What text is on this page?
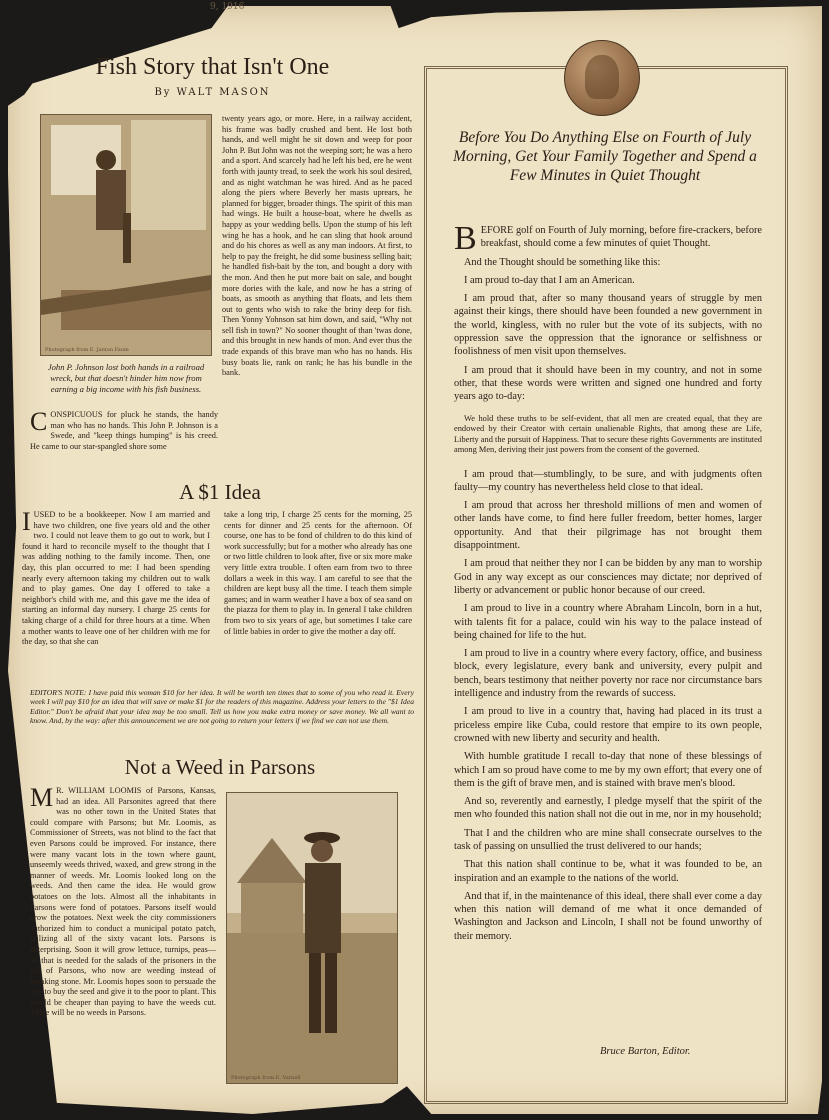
9, 1916
Fish Story that Isn't One
By WALT MASON
Photograph from E. Janton Faum
John P. Johnson lost both hands in a railroad wreck, but that doesn't hinder him now from earning a big income with his fish business.
twenty years ago, or more. Here, in a railway accident, his frame was badly crushed and bent. He lost both hands, and well might he sit down and weep for poor John P. But John was not the weeping sort; he was a hero and a sport. And scarcely had he left his bed, ere he went forth with jaunty tread, to seek the work his soul desired, and as night watchman he was hired. And as he paced along the piers where Beverly her masts uprears, he planned for bigger, broader things. The spirit of this man had wings. He built a house-boat, where he dwells as happy as your wedding bells. Upon the stump of his left wing he has a hook, and he can sling that hook around and do his chores as well as any man indoors. At first, to help to pay the freight, he did some business selling bait; he handled fish-bait by the ton, and bought a dory with the mon. And then he put more bait on sale, and bought more dories with the kale, and now he has a string of boats, as smooth as anything that floats, and lets them out to gents who wish to rake the briny deep for fish. Then Yonny Yohnson sat him down, and said, "Why not sell fish in town?" No sooner thought of than 'twas done, and this brought in new hands of mon. And ever thus the trade expands of this brave man who has no hands. His busy boats lie, rank on rank; he has his bundle in the bank.
C ONSPICUOUS for pluck he stands, the handy man who has no hands. This John P. Johnson is a Swede, and "keep things humping" is his creed. He came to our star-spangled shore some
A $1 Idea
I USED to be a bookkeeper. Now I am married and have two children, one five years old and the other two. I could not leave them to go out to work, but I found it hard to reconcile myself to the thought that I was adding nothing to the family income. Then, one day, this plan occurred to me: I had been spending nearly every afternoon taking my children out to walk and to play games. One day I offered to take a neighbor's child with me, and this gave me the idea of starting an informal day nursery. I charge 25 cents for taking charge of a child for three hours at a time. When a mother wants to leave one of her children with me for the day, so that she can
take a long trip, I charge 25 cents for the morning, 25 cents for dinner and 25 cents for the afternoon. Of course, one has to be fond of children to do this kind of work successfully; but for a mother who already has one or two little children to look after, five or six more make very little extra trouble. I often earn from two to three dollars a week in this way. I am careful to see that the children are kept busy all the time. I teach them simple games; and in warm weather I have a box of sea sand on the piazza for them to play in. In general I take children from two to six years of age, but sometimes I take care of little babies in order to give the mother a day off.
EDITOR'S NOTE: I have paid this woman $10 for her idea. It will be worth ten times that to some of you who read it. Every week I will pay $10 for an idea that will save or make $1 for the readers of this magazine. Address your letters to the "$1 Idea Editor." Don't be afraid that your idea may be too small. Tell us how you make extra money or save money. We all want to know. And, by the way: after this announcement we are not going to return your letters if we find we can not use them.
Not a Weed in Parsons
M R. WILLIAM LOOMIS of Parsons, Kansas, had an idea. All Parsonites agreed that there was no other town in the United States that could compare with Parsons; but Mr. Loomis, as Commissioner of Streets, was not blind to the fact that even Parsons could be improved. For instance, there were many vacant lots in the town where gaunt, unseemly weeds thrived, waxed, and grew strong in the manner of weeds. Mr. Loomis looked long on the weeds. And then came the idea. He would grow potatoes on the lots. Almost all the inhabitants in Parsons were fond of potatoes. Parsons itself would grow the potatoes. Next week the city commissioners authorized him to conduct a municipal potato patch, utilizing all of the sixty vacant lots. Parsons is enterprising. Soon it will grow lettuce, turnips, peas—all that is needed for the salads of the prisoners in the jail of Parsons, who now are weeding instead of breaking stone. Mr. Loomis hopes soon to persuade the city to buy the seed and give it to the poor to plant. This would be cheaper than paying to have the weeds cut. There will be no weeds in Parsons.
Photograph from E. Varnell
Before You Do Anything Else on Fourth of July Morning, Get Your Family Together and Spend a Few Minutes in Quiet Thought

B EFORE golf on Fourth of July morning, before fire-crackers, before breakfast, should come a few minutes of quiet Thought.

And the Thought should be something like this:

I am proud to-day that I am an American.

I am proud that, after so many thousand years of struggle by men against their kings, there should have been founded a new government in the world, kingless, with no ruler but the vote of its subjects, with no oppression save the oppression that the ignorance or selfishness or foolishness of men visit upon themselves.

I am proud that it should have been in my country, and not in some other, that these words were written and signed one hundred and forty years ago to-day:

We hold these truths to be self-evident, that all men are created equal, that they are endowed by their Creator with certain unalienable Rights, that among these are Life, Liberty and the pursuit of Happiness. That to secure these rights Governments are instituted among Men, deriving their just powers from the consent of the governed.

I am proud that—stumblingly, to be sure, and with judgments often faulty—my country has nevertheless held close to that ideal.

I am proud that across her threshold millions of men and women of other lands have come, to find here fuller freedom, better homes, larger opportunity. And that their pilgrimage has not brought them disappointment.

I am proud that neither they nor I can be bidden by any man to worship God in any way except as our consciences may dictate; nor deprived of liberty or advancement or public honor because of our creed.

I am proud to live in a country where Abraham Lincoln, born in a hut, with talents fit for a palace, could win his way to the palace instead of being chained for life to the hut.

I am proud to live in a country where every factory, office, and business block, every legislature, every bank and university, every pulpit and bench, bears testimony that neither poverty nor race nor circumstance bars intelligence and industry from the rewards of success.

I am proud to live in a country that, having had placed in its trust a priceless empire like Cuba, could restore that empire to its own people, crowned with new liberty and security and health.

With humble gratitude I recall to-day that none of these blessings of which I am so proud have come to me by my own effort; that every one of them is the gift of brave men, and is stained with brave men's blood.

And so, reverently and earnestly, I pledge myself that the spirit of the men who founded this nation shall not die out in me, nor in my household;

That I and the children who are mine shall consecrate ourselves to the task of passing on unsullied the trust delivered to our hands;

That this nation shall continue to be, what it was founded to be, an inspiration and an example to the nations of the world.

And that if, in the maintenance of this ideal, there shall ever come a day when this nation will demand of me what it once demanded of Washington and Jackson and Lincoln, I shall not be found unworthy of their memory.

Bruce Barton, Editor.
